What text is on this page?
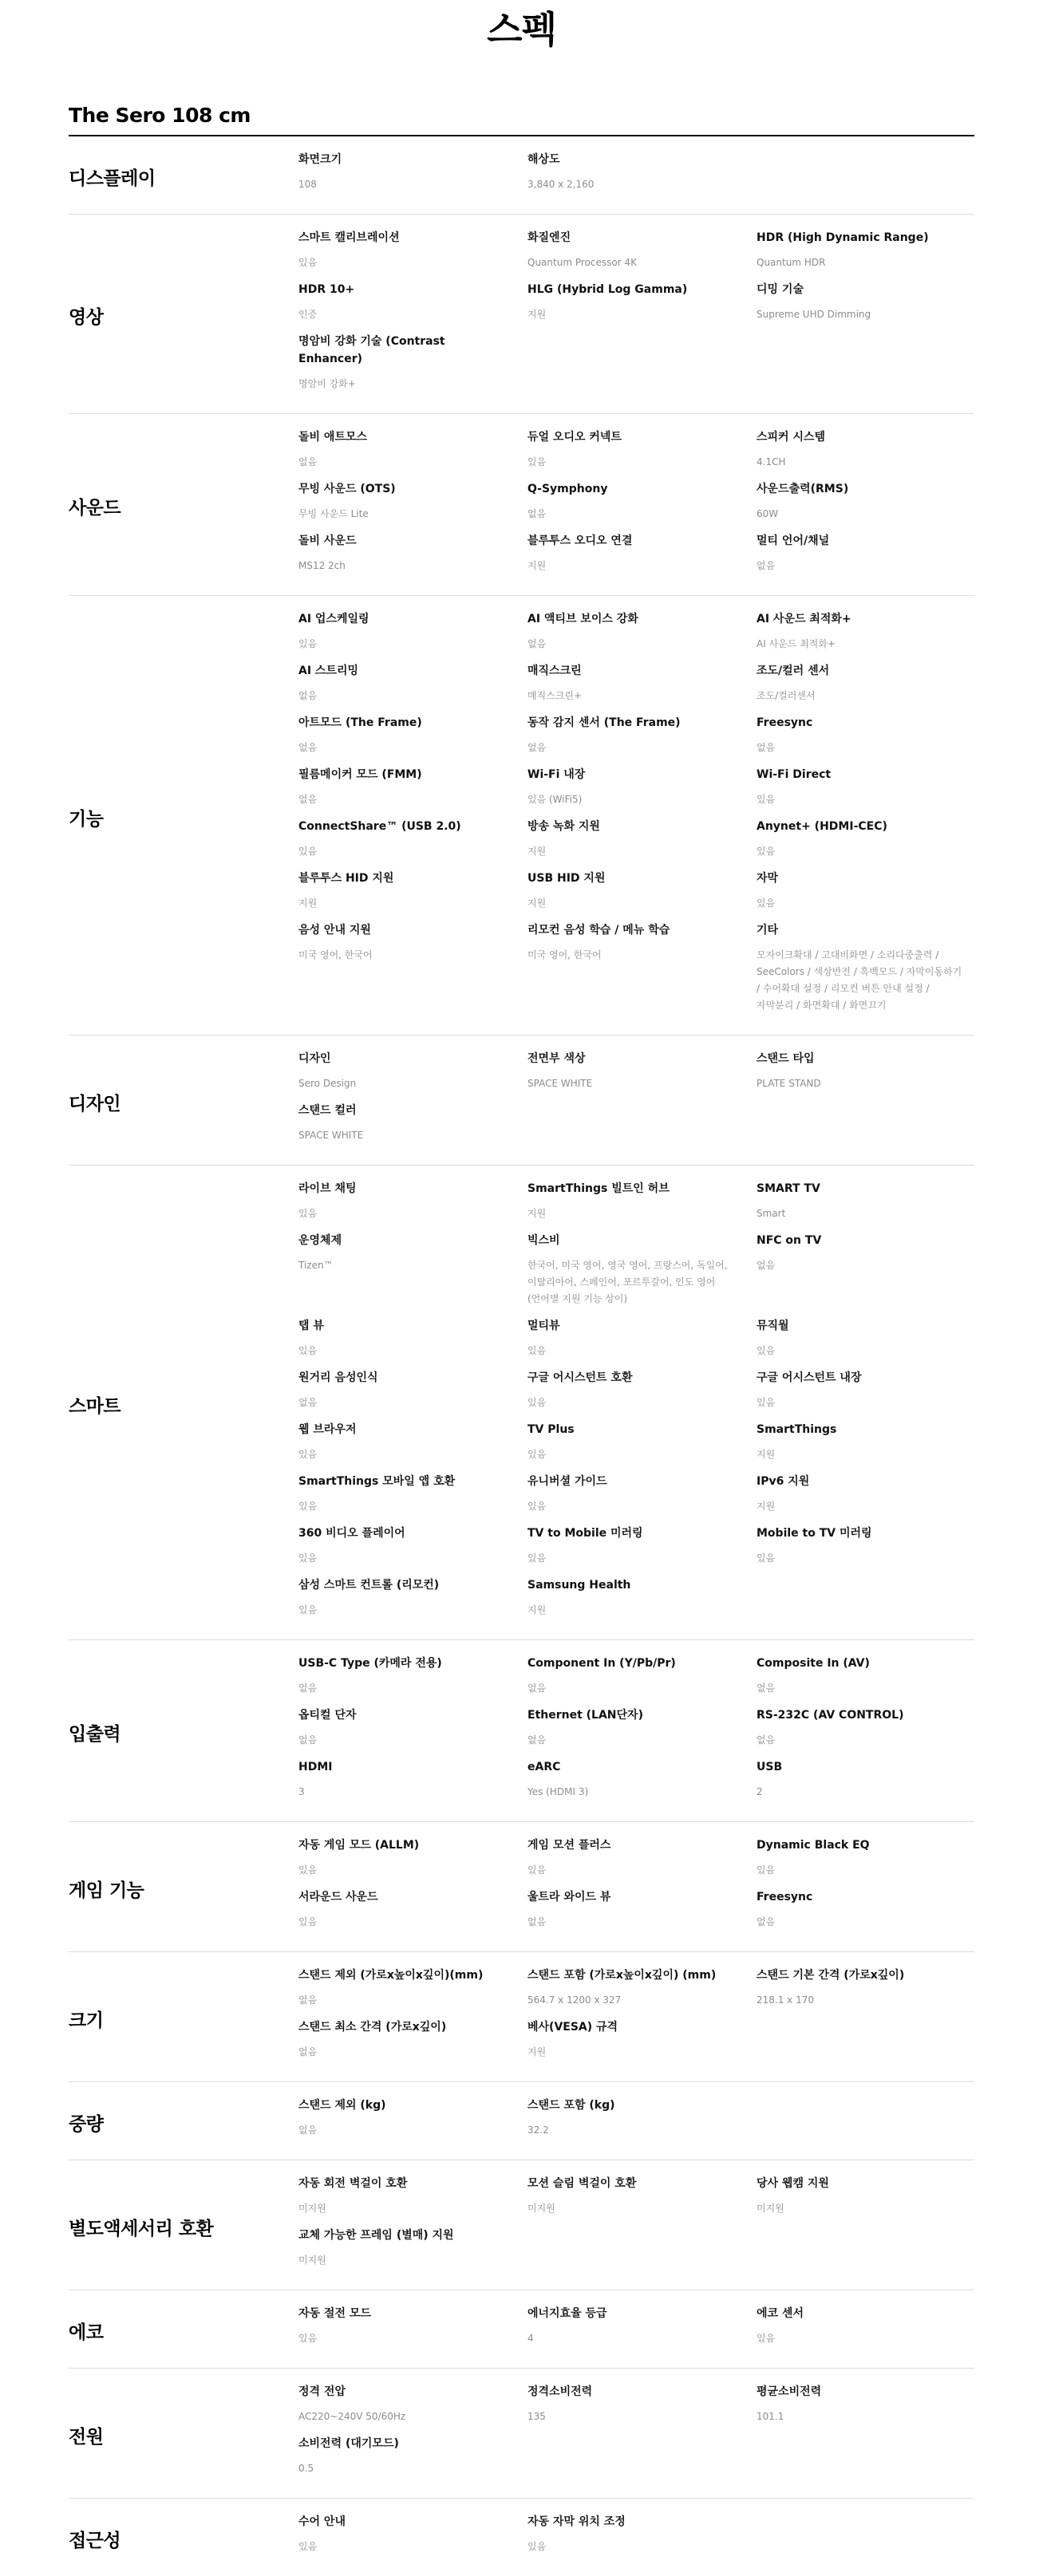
스펙
The Sero 108 cm
디스플레이
화면크기
108
해상도
3,840 x 2,160
영상
스마트 캘리브레이션
있음
화질엔진
Quantum Processor 4K
HDR (High Dynamic Range)
Quantum HDR
HDR 10+
인증
HLG (Hybrid Log Gamma)
지원
디밍 기술
Supreme UHD Dimming
명암비 강화 기술 (Contrast Enhancer)
명암비 강화+
사운드
돌비 애트모스
없음
듀얼 오디오 커넥트
있음
스피커 시스템
4.1CH
무빙 사운드 (OTS)
무빙 사운드 Lite
Q-Symphony
없음
사운드출력(RMS)
60W
돌비 사운드
MS12 2ch
블루투스 오디오 연결
지원
멀티 언어/채널
없음
기능
AI 업스케일링
있음
AI 액티브 보이스 강화
없음
AI 사운드 최적화+
AI 사운드 최적화+
AI 스트리밍
없음
매직스크린
매직스크린+
조도/컬러 센서
조도/컬러센서
아트모드 (The Frame)
없음
동작 감지 센서 (The Frame)
없음
Freesync
없음
필름메이커 모드 (FMM)
없음
Wi-Fi 내장
있음 (WiFi5)
Wi-Fi Direct
있음
ConnectShare™ (USB 2.0)
있음
방송 녹화 지원
지원
Anynet+ (HDMI-CEC)
있음
블루투스 HID 지원
지원
USB HID 지원
지원
자막
있음
음성 안내 지원
미국 영어, 한국어
리모컨 음성 학습 / 메뉴 학습
미국 영어, 한국어
기타
모자이크확대 / 고대비화면 / 소리다중출력 / SeeColors / 색상반전 / 흑백모드 / 자막이동하기 / 수어확대 설정 / 리모컨 버튼 안내 설정 / 자막분리 / 화면확대 / 화면끄기
디자인
디자인
Sero Design
전면부 색상
SPACE WHITE
스탠드 타입
PLATE STAND
스탠드 컬러
SPACE WHITE
스마트
라이브 채팅
있음
SmartThings 빌트인 허브
지원
SMART TV
Smart
운영체제
Tizen™
빅스비
한국어, 미국 영어, 영국 영어, 프랑스어, 독일어, 이탈리아어, 스페인어, 포르투갈어, 인도 영어 (언어별 지원 기능 상이)
NFC on TV
없음
탭 뷰
있음
멀티뷰
있음
뮤직월
있음
원거리 음성인식
없음
구글 어시스턴트 호환
있음
구글 어시스턴트 내장
있음
웹 브라우저
있음
TV Plus
있음
SmartThings
지원
SmartThings 모바일 앱 호환
있음
유니버셜 가이드
있음
IPv6 지원
지원
360 비디오 플레이어
있음
TV to Mobile 미러링
있음
Mobile to TV 미러링
있음
삼성 스마트 컨트롤 (리모컨)
있음
Samsung Health
지원
입출력
USB-C Type (카메라 전용)
없음
Component In (Y/Pb/Pr)
없음
Composite In (AV)
없음
옵티컬 단자
없음
Ethernet (LAN단자)
없음
RS-232C (AV CONTROL)
없음
HDMI
3
eARC
Yes (HDMI 3)
USB
2
게임 기능
자동 게임 모드 (ALLM)
있음
게임 모션 플러스
있음
Dynamic Black EQ
있음
서라운드 사운드
있음
울트라 와이드 뷰
없음
Freesync
없음
크기
스탠드 제외 (가로x높이x깊이)(mm)
없음
스탠드 포함 (가로x높이x깊이) (mm)
564.7 x 1200 x 327
스탠드 기본 간격 (가로x깊이)
218.1 x 170
스탠드 최소 간격 (가로x깊이)
없음
베사(VESA) 규격
지원
중량
스탠드 제외 (kg)
없음
스탠드 포함 (kg)
32.2
별도액세서리 호환
자동 회전 벽걸이 호환
미지원
모션 슬림 벽걸이 호환
미지원
당사 웹캠 지원
미지원
교체 가능한 프레임 (별매) 지원
미지원
에코
자동 절전 모드
있음
에너지효율 등급
4
에코 센서
있음
전원
정격 전압
AC220~240V 50/60Hz
정격소비전력
135
평균소비전력
101.1
소비전력 (대기모드)
0.5
접근성
수어 안내
있음
자동 자막 위치 조정
있음
